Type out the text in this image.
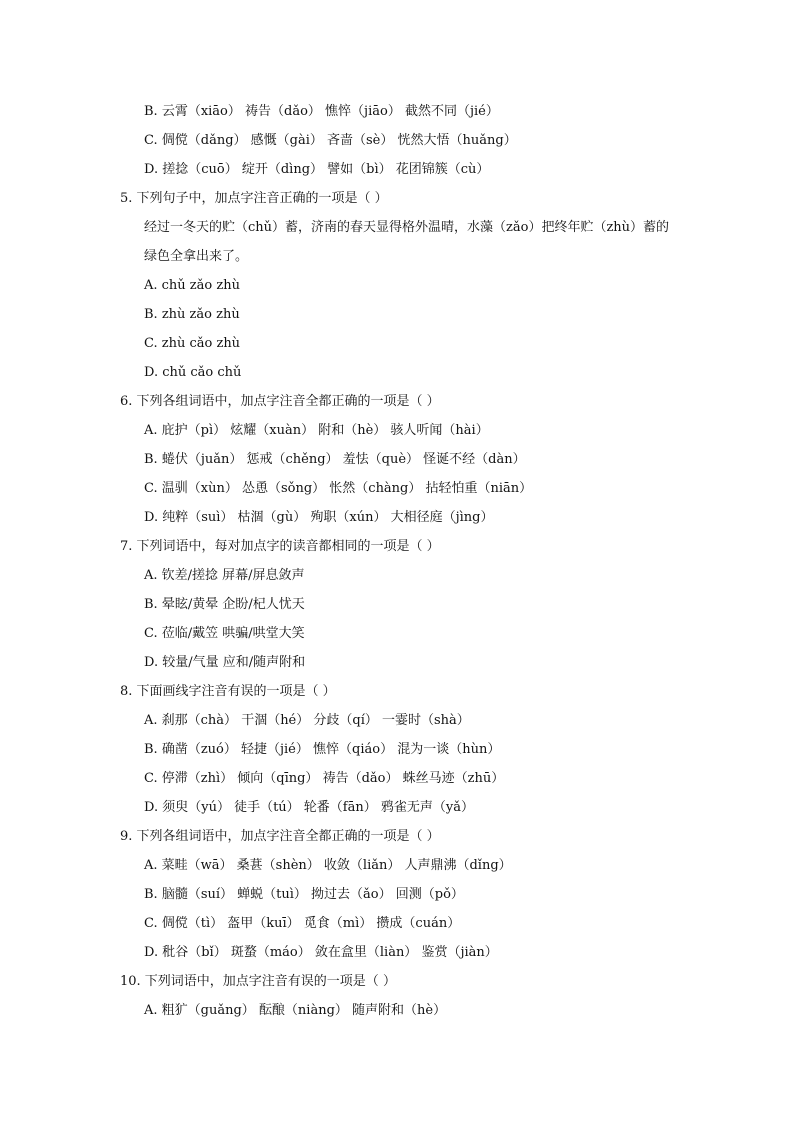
B. 云霄（xiāo） 祷告（dǎo） 憔悴（jiāo） 截然不同（jié）
C. 倜傥（dǎng） 感慨（gài） 吝啬（sè） 恍然大悟（huǎng）
D. 搓捻（cuō） 绽开（dìng） 譬如（bì） 花团锦簇（cù）
5. 下列句子中，加点字注音正确的一项是（ ）
经过一冬天的贮（chǔ）蓄，济南的春天显得格外温晴，水藻（zǎo）把终年贮（zhù）蓄的
绿色全拿出来了。
A. chǔ zǎo zhù
B. zhù zǎo zhù
C. zhù cǎo zhù
D. chǔ cǎo chǔ
6. 下列各组词语中，加点字注音全都正确的一项是（ ）
A. 庇护（pì） 炫耀（xuàn） 附和（hè） 骇人听闻（hài）
B. 蜷伏（juǎn） 惩戒（chěng） 羞怯（què） 怪诞不经（dàn）
C. 温驯（xùn） 怂恿（sǒng） 怅然（chàng） 拈轻怕重（niān）
D. 纯粹（suì） 枯涸（gù） 殉职（xún） 大相径庭（jìng）
7. 下列词语中，每对加点字的读音都相同的一项是（ ）
A. 钦差/搓捻 屏幕/屏息敛声
B. 晕眩/黄晕 企盼/杞人忧天
C. 莅临/戴笠 哄骗/哄堂大笑
D. 较量/气量 应和/随声附和
8. 下面画线字注音有误的一项是（ ）
A. 刹那（chà） 干涸（hé） 分歧（qí） 一霎时（shà）
B. 确凿（zuó） 轻捷（jié） 憔悴（qiáo） 混为一谈（hùn）
C. 停滞（zhì） 倾向（qīng） 祷告（dǎo） 蛛丝马迹（zhū）
D. 须臾（yú） 徒手（tú） 轮番（fān） 鸦雀无声（yǎ）
9. 下列各组词语中，加点字注音全都正确的一项是（ ）
A. 菜畦（wā） 桑葚（shèn） 收敛（liǎn） 人声鼎沸（dǐng）
B. 脑髓（suí） 蝉蜕（tuì） 拗过去（ǎo） 回测（pǒ）
C. 倜傥（tì） 盔甲（kuī） 觅食（mì） 攒成（cuán）
D. 秕谷（bǐ） 斑蝥（máo） 敛在盒里（liàn） 鉴赏（jiàn）
10. 下列词语中，加点字注音有误的一项是（ ）
A. 粗犷（guǎng） 酝酿（niàng） 随声附和（hè）
